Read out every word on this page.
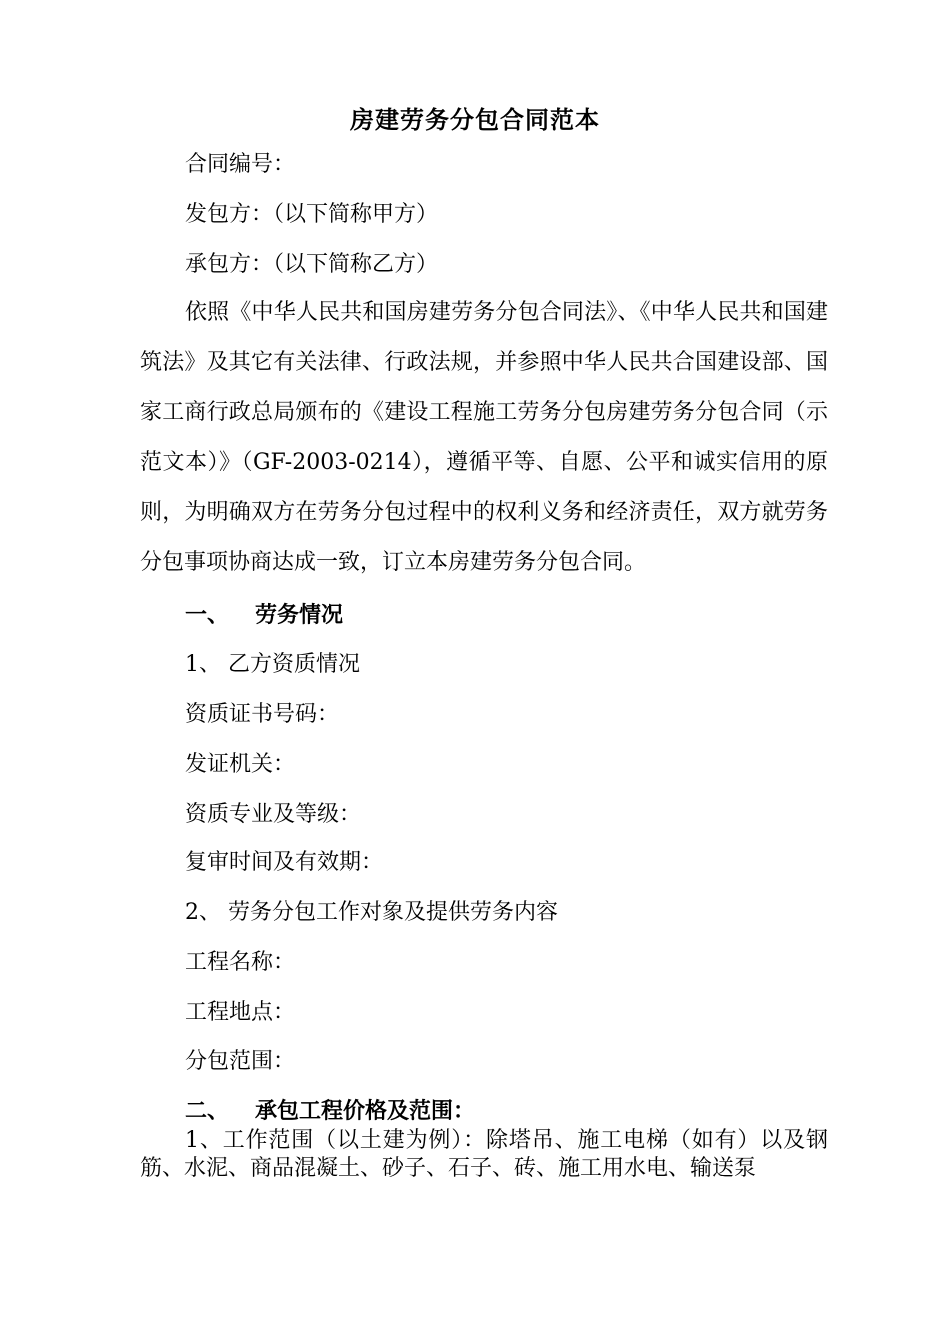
房建劳务分包合同范本
合同编号：
发包方：（以下简称甲方）
承包方：（以下简称乙方）

依照《中华人民共和国房建劳务分包合同法》、《中华人民共和国建筑法》及其它有关法律、行政法规，并参照中华人民共合国建设部、国家工商行政总局颁布的《建设工程施工劳务分包房建劳务分包合同（示范文本）》（GF-2003-0214），遵循平等、自愿、公平和诚实信用的原则，为明确双方在劳务分包过程中的权利义务和经济责任，双方就劳务分包事项协商达成一致，订立本房建劳务分包合同。

一、 劳务情况
1、 乙方资质情况
资质证书号码：
发证机关：
资质专业及等级：
复审时间及有效期：
2、 劳务分包工作对象及提供劳务内容
工程名称：
工程地点：
分包范围：
二、 承包工程价格及范围：

1、工作范围（以土建为例）：除塔吊、施工电梯（如有）以及钢筋、水泥、商品混凝土、砂子、石子、砖、施工用水电、输送泵
